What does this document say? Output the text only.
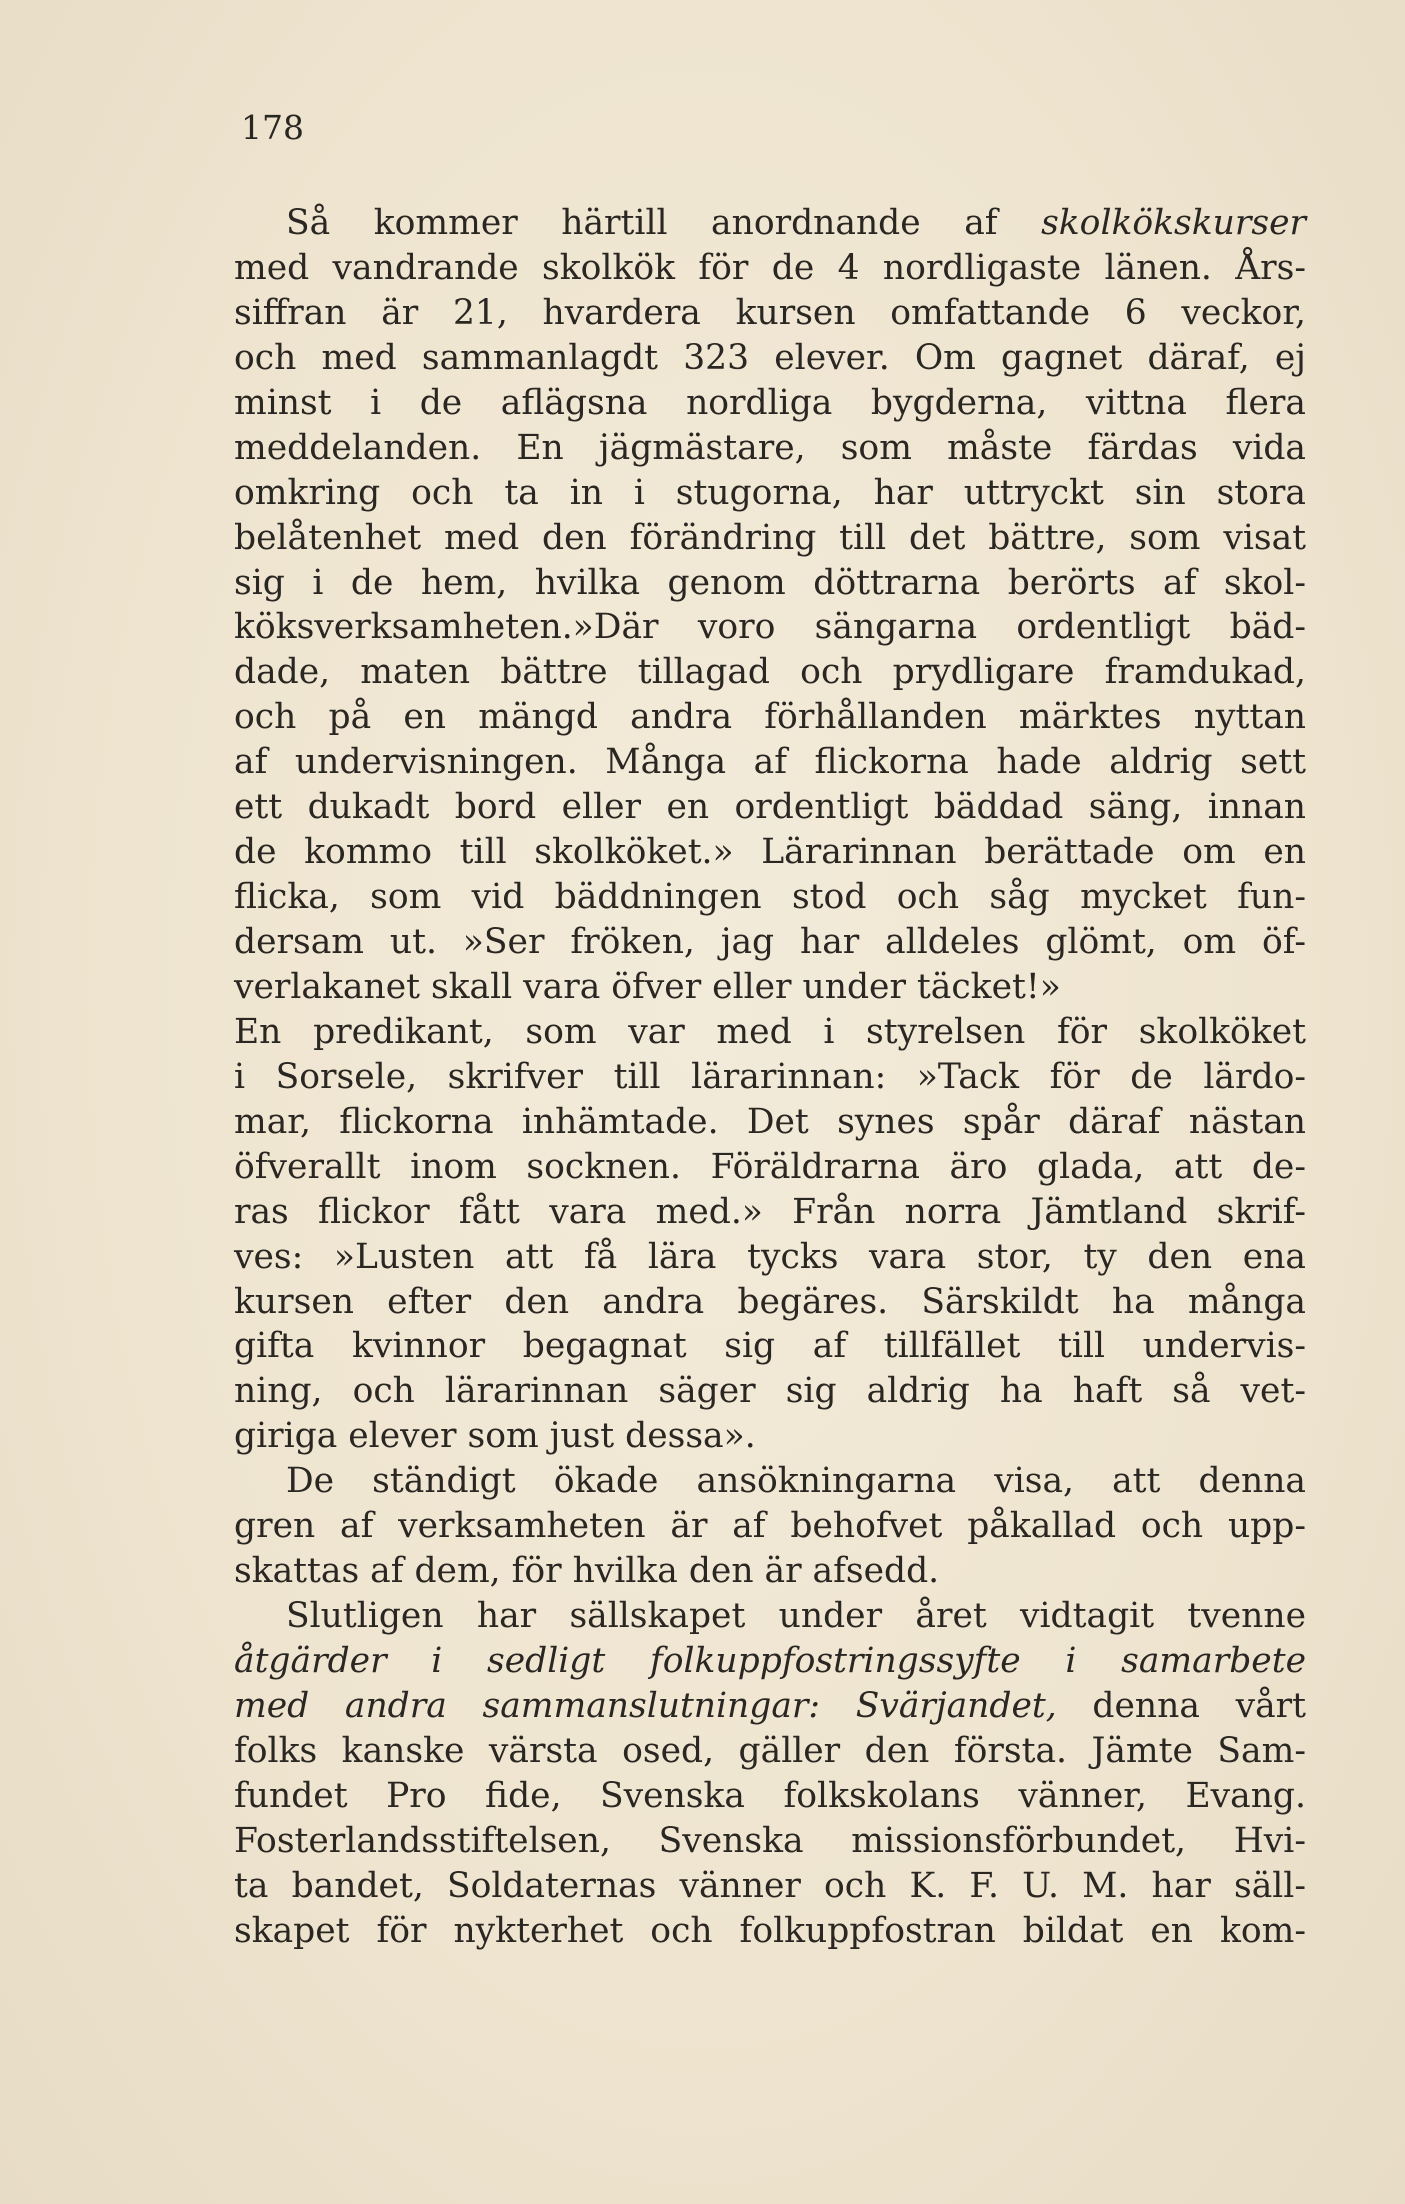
178
Så kommer härtill anordnande af skolkökskurser
med vandrande skolkök för de 4 nordligaste länen. Års-
siffran är 21, hvardera kursen omfattande 6 veckor,
och med sammanlagdt 323 elever. Om gagnet däraf, ej
minst i de aflägsna nordliga bygderna, vittna flera
meddelanden. En jägmästare, som måste färdas vida
omkring och ta in i stugorna, har uttryckt sin stora
belåtenhet med den förändring till det bättre, som visat
sig i de hem, hvilka genom döttrarna berörts af skol-
köksverksamheten.»Där voro sängarna ordentligt bäd-
dade, maten bättre tillagad och prydligare framdukad,
och på en mängd andra förhållanden märktes nyttan
af undervisningen. Många af flickorna hade aldrig sett
ett dukadt bord eller en ordentligt bäddad säng, innan
de kommo till skolköket.» Lärarinnan berättade om en
flicka, som vid bäddningen stod och såg mycket fun-
dersam ut. »Ser fröken, jag har alldeles glömt, om öf-
verlakanet skall vara öfver eller under täcket!»
En predikant, som var med i styrelsen för skolköket
i Sorsele, skrifver till lärarinnan: »Tack för de lärdo-
mar, flickorna inhämtade. Det synes spår däraf nästan
öfverallt inom socknen. Föräldrarna äro glada, att de-
ras flickor fått vara med.» Från norra Jämtland skrif-
ves: »Lusten att få lära tycks vara stor, ty den ena
kursen efter den andra begäres. Särskildt ha många
gifta kvinnor begagnat sig af tillfället till undervis-
ning, och lärarinnan säger sig aldrig ha haft så vet-
giriga elever som just dessa».
De ständigt ökade ansökningarna visa, att denna
gren af verksamheten är af behofvet påkallad och upp-
skattas af dem, för hvilka den är afsedd.
Slutligen har sällskapet under året vidtagit tvenne
åtgärder i sedligt folkuppfostringssyfte i samarbete
med andra sammanslutningar: Svärjandet, denna vårt
folks kanske värsta osed, gäller den första. Jämte Sam-
fundet Pro fide, Svenska folkskolans vänner, Evang.
Fosterlandsstiftelsen, Svenska missionsförbundet, Hvi-
ta bandet, Soldaternas vänner och K. F. U. M. har säll-
skapet för nykterhet och folkuppfostran bildat en kom-
